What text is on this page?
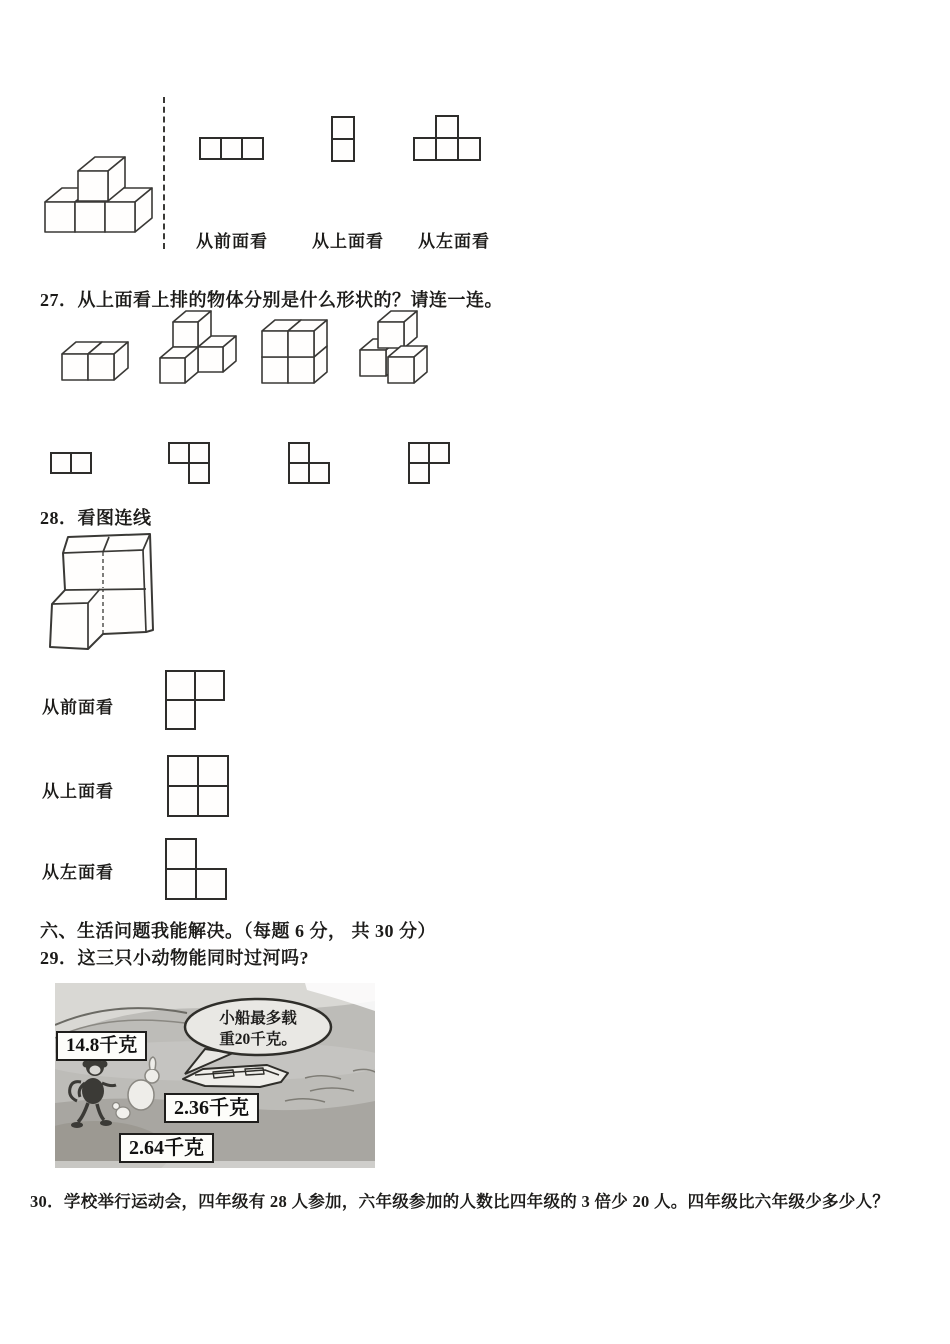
从前面看	从上面看 从左面看
27．从上面看上排的物体分别是什么形状的？请连一连。
28．看图连线
从前面看
从上面看
从左面看
六、生活问题我能解决。（每题 6 分， 共 30 分）
29．这三只小动物能同时过河吗?
小船最多载
重20千克。
14.8千克
2.36千克
2.64千克
30．学校举行运动会，四年级有 28 人参加，六年级参加的人数比四年级的 3 倍少 20 人。四年级比六年级少多少人？
